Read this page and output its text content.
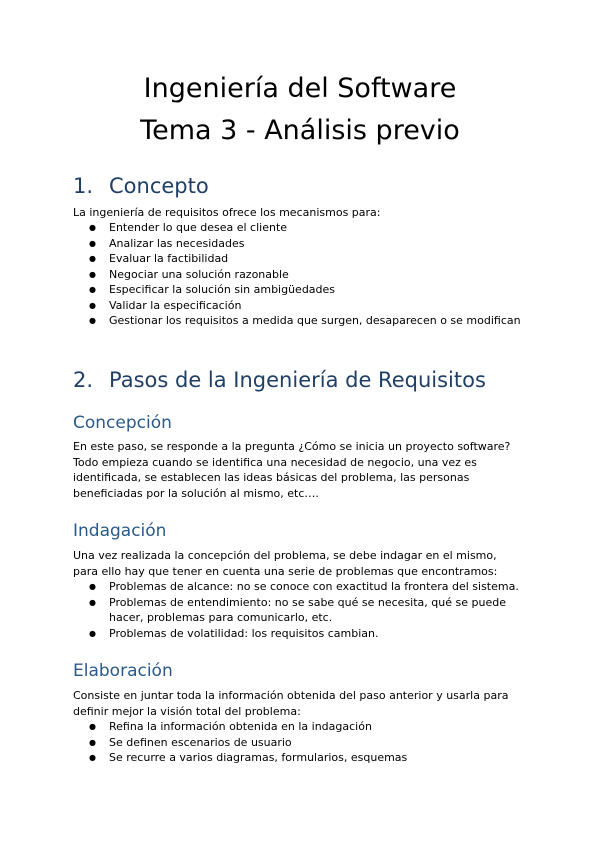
Ingeniería del Software
Tema 3 - Análisis previo
1. Concepto

La ingeniería de requisitos ofrece los mecanismos para:

● Entender lo que desea el cliente
● Analizar las necesidades
● Evaluar la factibilidad
● Negociar una solución razonable
● Especificar la solución sin ambigüedades
● Validar la especificación
● Gestionar los requisitos a medida que surgen, desaparecen o se modifican
2. Pasos de la Ingeniería de Requisitos
Concepción

En este paso, se responde a la pregunta ¿Cómo se inicia un proyecto software?

Todo empieza cuando se identifica una necesidad de negocio, una vez es

identificada, se establecen las ideas básicas del problema, las personas

beneficiadas por la solución al mismo, etc….

Indagación

Una vez realizada la concepción del problema, se debe indagar en el mismo,

para ello hay que tener en cuenta una serie de problemas que encontramos:

● Problemas de alcance: no se conoce con exactitud la frontera del sistema.
● Problemas de entendimiento: no se sabe qué se necesita, qué se puede
hacer, problemas para comunicarlo, etc.
● Problemas de volatilidad: los requisitos cambian.
Elaboración

Consiste en juntar toda la información obtenida del paso anterior y usarla para

definir mejor la visión total del problema:

● Refina la información obtenida en la indagación
● Se definen escenarios de usuario
● Se recurre a varios diagramas, formularios, esquemas
